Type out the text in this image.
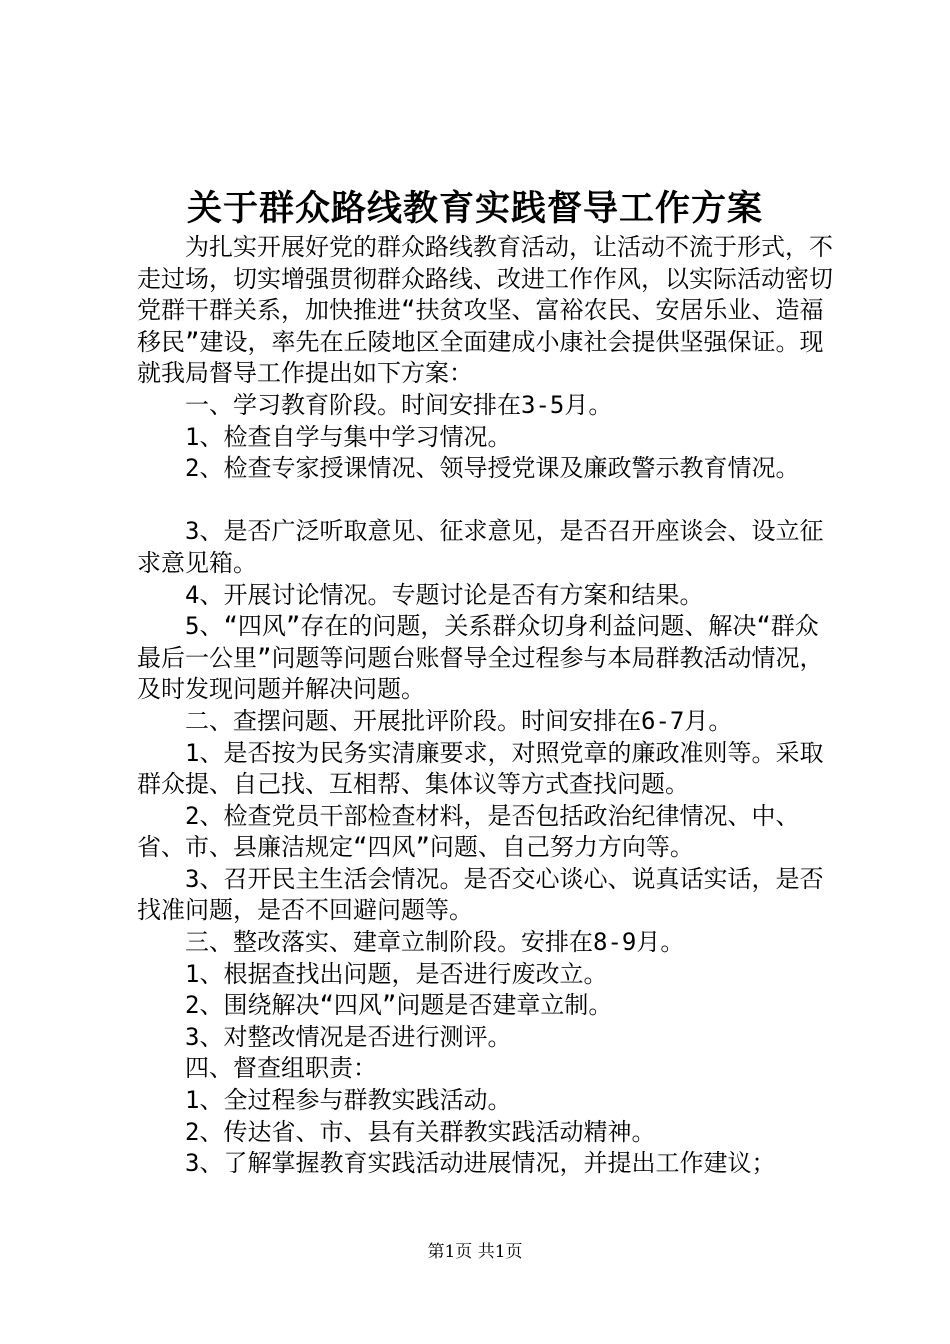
关于群众路线教育实践督导工作方案

为扎实开展好党的群众路线教育活动，让活动不流于形式，不走过场，切实增强贯彻群众路线、改进工作作风，以实际活动密切党群干群关系，加快推进“扶贫攻坚、富裕农民、安居乐业、造福移民”建设，率先在丘陵地区全面建成小康社会提供坚强保证。现就我局督导工作提出如下方案：

一、学习教育阶段。时间安排在3-5月。

1、检查自学与集中学习情况。

2、检查专家授课情况、领导授党课及廉政警示教育情况。

3、是否广泛听取意见、征求意见，是否召开座谈会、设立征求意见箱。

4、开展讨论情况。专题讨论是否有方案和结果。

5、“四风”存在的问题，关系群众切身利益问题、解决“群众最后一公里”问题等问题台账督导全过程参与本局群教活动情况，及时发现问题并解决问题。

二、查摆问题、开展批评阶段。时间安排在6-7月。

1、是否按为民务实清廉要求，对照党章的廉政准则等。采取群众提、自己找、互相帮、集体议等方式查找问题。

2、检查党员干部检查材料，是否包括政治纪律情况、中、省、市、县廉洁规定“四风”问题、自己努力方向等。

3、召开民主生活会情况。是否交心谈心、说真话实话，是否找准问题，是否不回避问题等。

三、整改落实、建章立制阶段。安排在8-9月。

1、根据查找出问题，是否进行废改立。

2、围绕解决“四风”问题是否建章立制。

3、对整改情况是否进行测评。

四、督查组职责：

1、全过程参与群教实践活动。

2、传达省、市、县有关群教实践活动精神。

3、了解掌握教育实践活动进展情况，并提出工作建议；

第1页 共1页
